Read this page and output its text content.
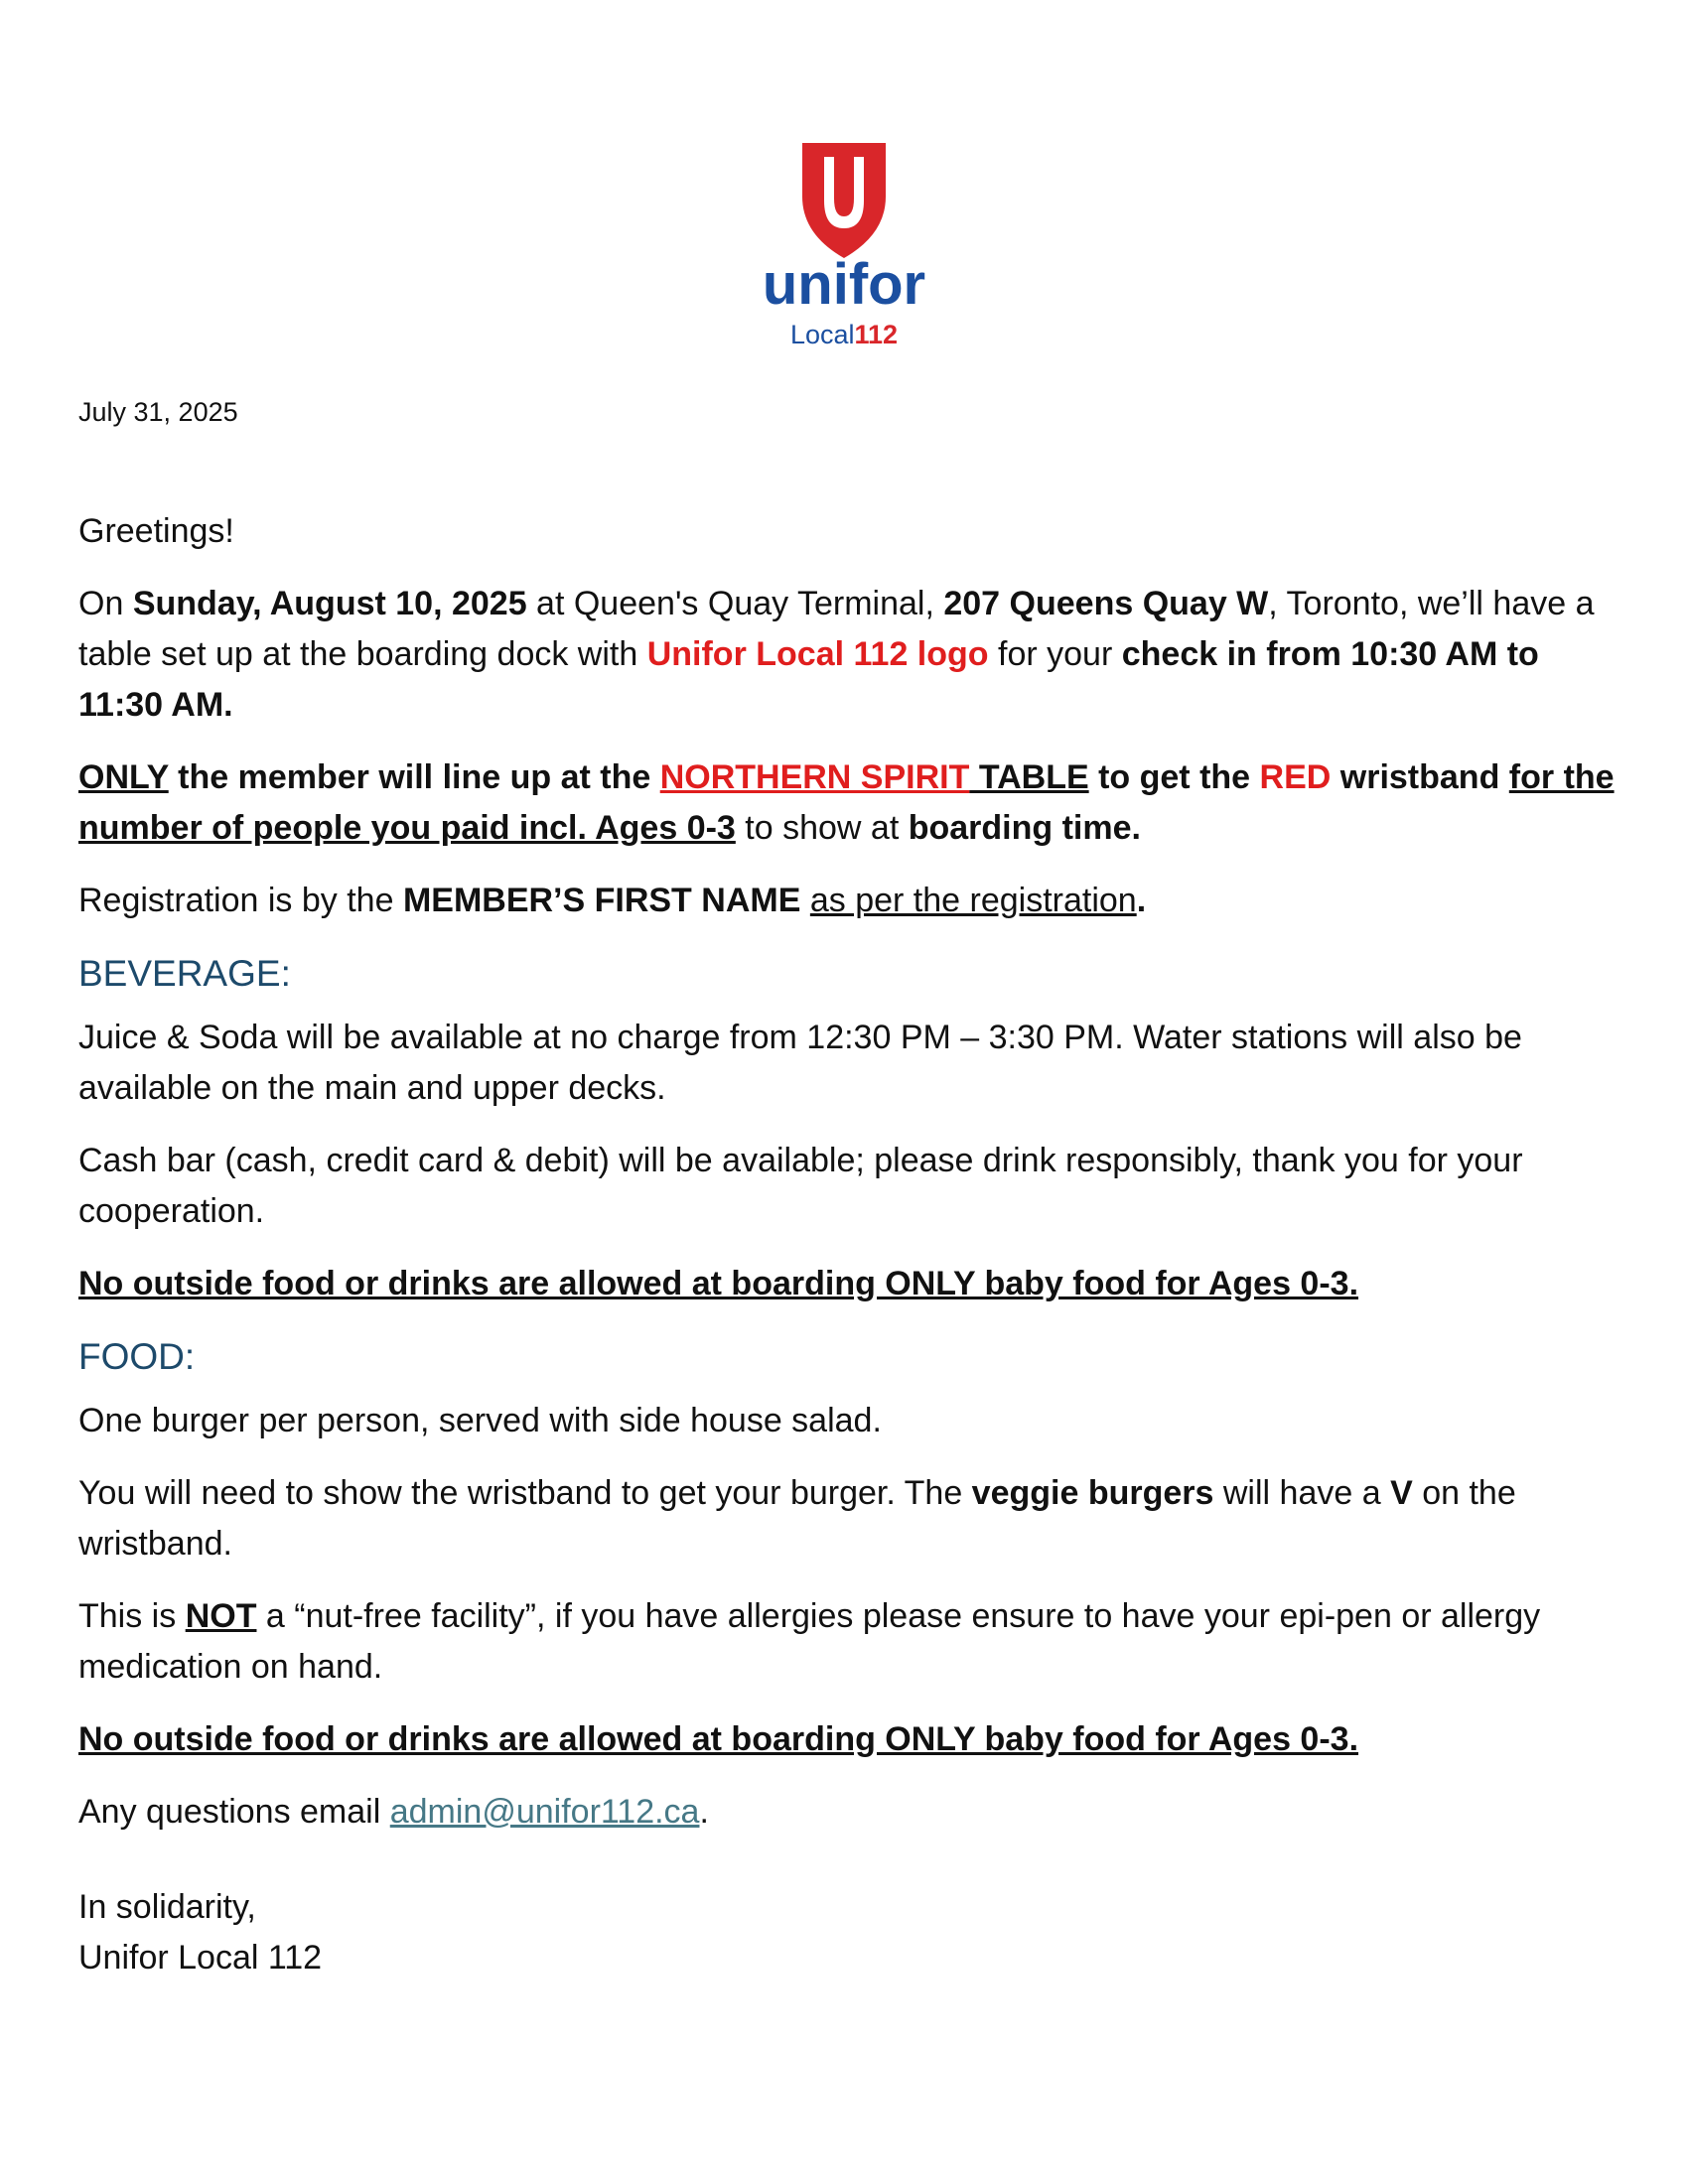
unifor
Local112

July 31, 2025

Greetings!

On Sunday, August 10, 2025 at Queen's Quay Terminal, 207 Queens Quay W, Toronto, we’ll have a table set up at the boarding dock with Unifor Local 112 logo for your check in from 10:30 AM to 11:30 AM.

ONLY the member will line up at the NORTHERN SPIRIT TABLE to get the RED wristband for the number of people you paid incl. Ages 0-3 to show at boarding time.

Registration is by the MEMBER’S FIRST NAME as per the registration.

BEVERAGE:

Juice & Soda will be available at no charge from 12:30 PM – 3:30 PM. Water stations will also be available on the main and upper decks.

Cash bar (cash, credit card & debit) will be available; please drink responsibly, thank you for your cooperation.

No outside food or drinks are allowed at boarding ONLY baby food for Ages 0-3.

FOOD:

One burger per person, served with side house salad.

You will need to show the wristband to get your burger. The veggie burgers will have a V on the wristband.

This is NOT a “nut-free facility”, if you have allergies please ensure to have your epi-pen or allergy medication on hand.

No outside food or drinks are allowed at boarding ONLY baby food for Ages 0-3.

Any questions email admin@unifor112.ca.

In solidarity,
Unifor Local 112
